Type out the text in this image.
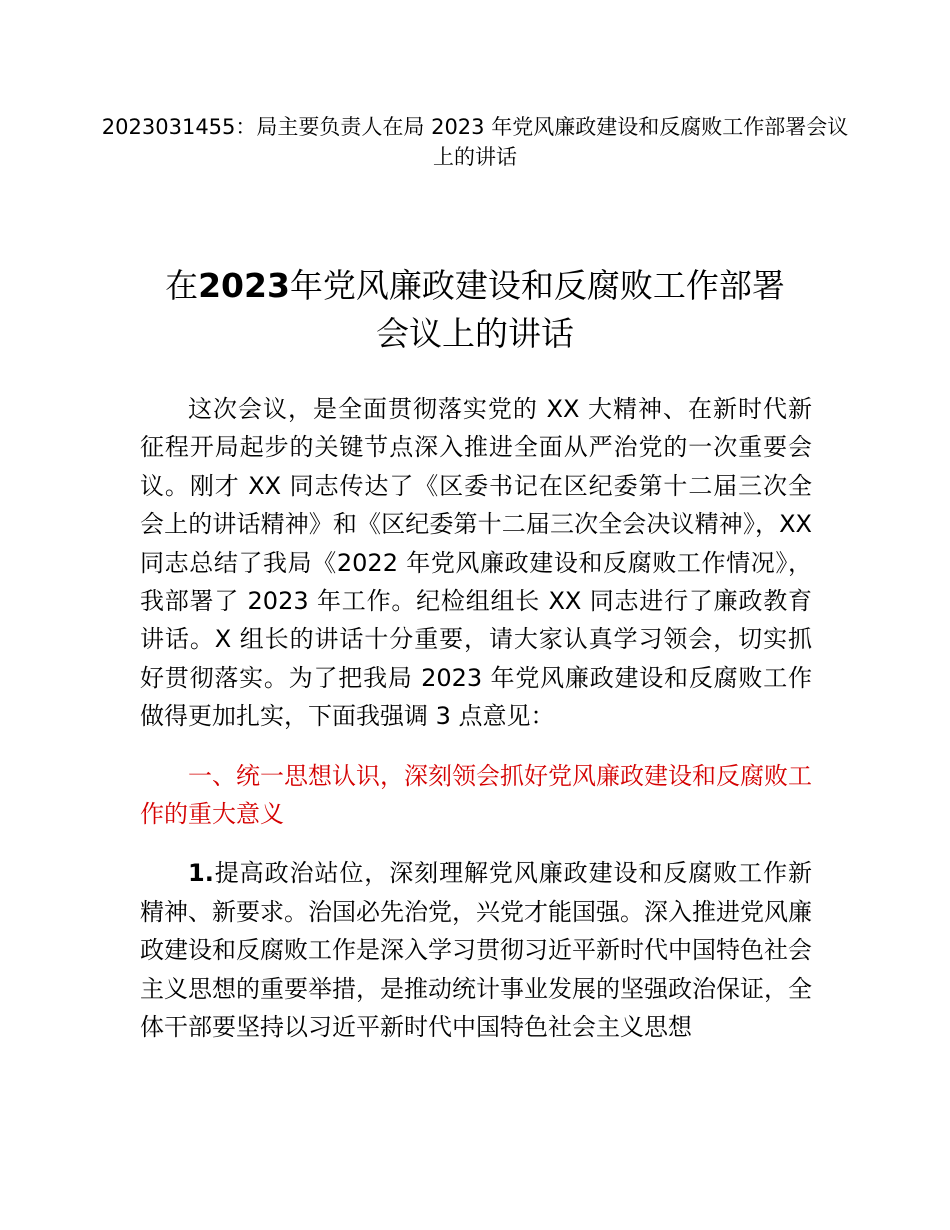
2023031455：局主要负责人在局 2023 年党风廉政建设和反腐败工作部署会议上的讲话
在2023年党风廉政建设和反腐败工作部署
会议上的讲话

这次会议，是全面贯彻落实党的 XX 大精神、在新时代新征程开局起步的关键节点深入推进全面从严治党的一次重要会议。刚才 XX 同志传达了《区委书记在区纪委第十二届三次全会上的讲话精神》和《区纪委第十二届三次全会决议精神》，XX 同志总结了我局《2022 年党风廉政建设和反腐败工作情况》，我部署了 2023 年工作。纪检组组长 XX 同志进行了廉政教育讲话。X 组长的讲话十分重要，请大家认真学习领会，切实抓好贯彻落实。为了把我局 2023 年党风廉政建设和反腐败工作做得更加扎实，下面我强调 3 点意见：

一、统一思想认识，深刻领会抓好党风廉政建设和反腐败工作的重大意义

1.提高政治站位，深刻理解党风廉政建设和反腐败工作新精神、新要求。治国必先治党，兴党才能国强。深入推进党风廉政建设和反腐败工作是深入学习贯彻习近平新时代中国特色社会主义思想的重要举措，是推动统计事业发展的坚强政治保证，全体干部要坚持以习近平新时代中国特色社会主义思想
